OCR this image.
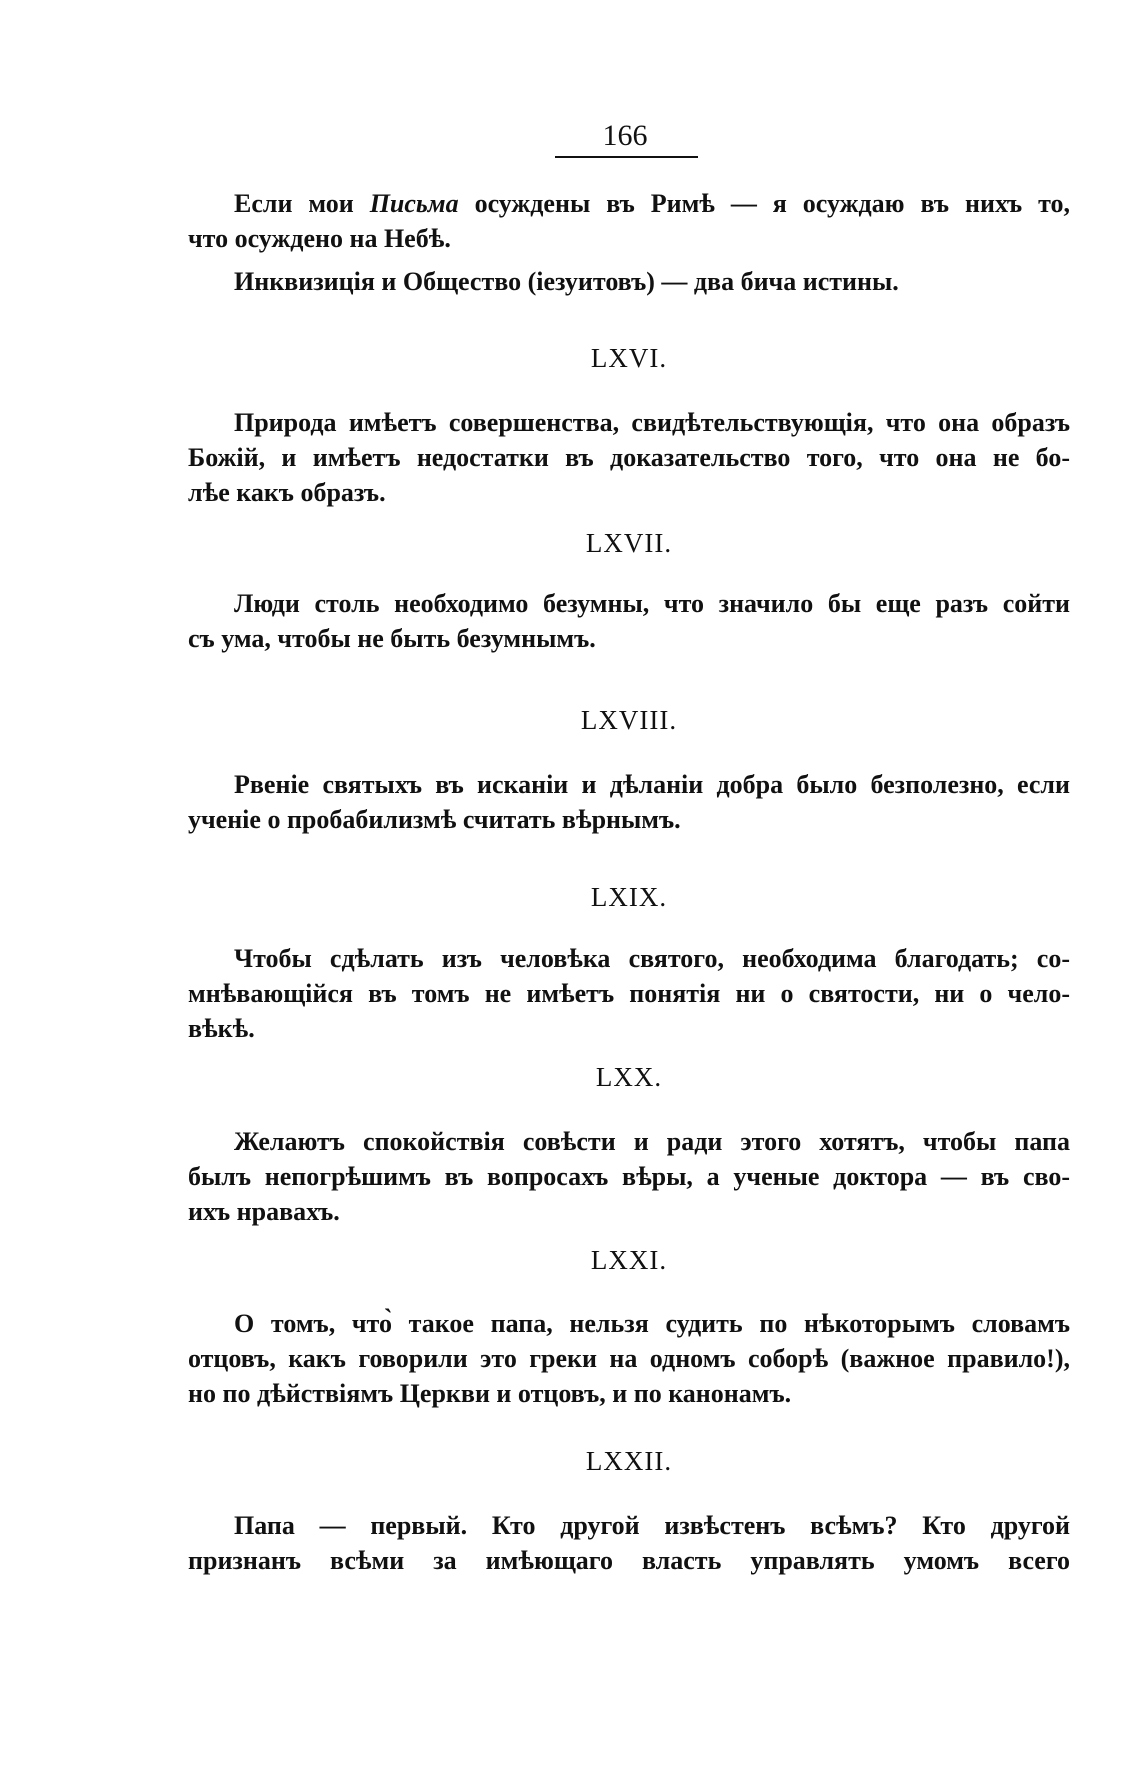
166

Если мои Письма осуждены въ Римѣ — я осуждаю въ нихъ то,
что осуждено на Небѣ.

Инквизиція и Общество (іезуитовъ) — два бича истины.

LXVI.

Природа имѣетъ совершенства, свидѣтельствующія, что она образъ
Божій, и имѣетъ недостатки въ доказательство того, что она не бо-
лѣе какъ образъ.

LXVII.

Люди столь необходимо безумны, что значило бы еще разъ сойти
съ ума, чтобы не быть безумнымъ.

LXVIII.

Рвеніе святыхъ въ исканіи и дѣланіи добра было безполезно, если
ученіе о пробабилизмѣ считать вѣрнымъ.

LXIX.

Чтобы сдѣлать изъ человѣка святого, необходима благодать; со-
мнѣвающійся въ томъ не имѣетъ понятія ни о святости, ни о чело-
вѣкѣ.

LXX.

Желаютъ спокойствія совѣсти и ради этого хотятъ, чтобы папа
былъ непогрѣшимъ въ вопросахъ вѣры, а ученые доктора — въ сво-
ихъ нравахъ.

LXXI.

О томъ, что̀ такое папа, нельзя судить по нѣкоторымъ словамъ
отцовъ, какъ говорили это греки на одномъ соборѣ (важное правило!),
но по дѣйствіямъ Церкви и отцовъ, и по канонамъ.

LXXII.

Папа — первый. Кто другой извѣстенъ всѣмъ? Кто другой
признанъ всѣми за имѣющаго власть управлять умомъ всего
